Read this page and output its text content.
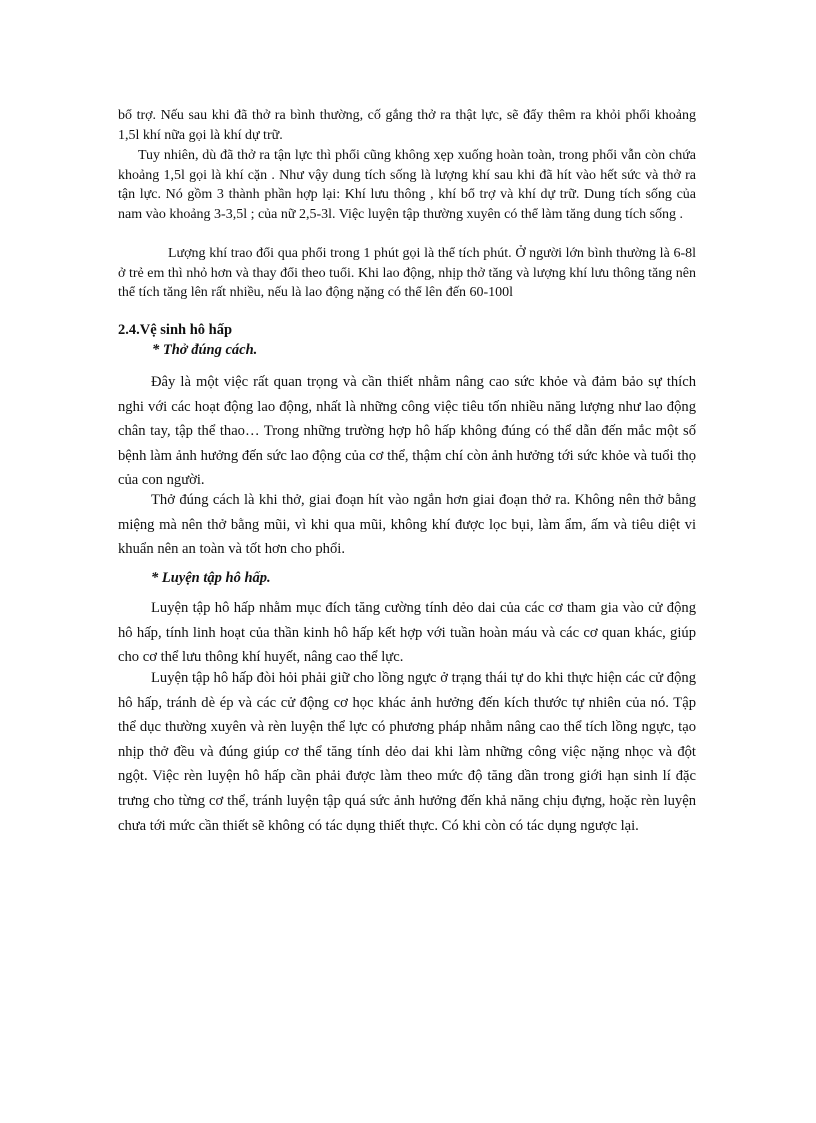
bổ trợ. Nếu sau khi đã thở ra bình thường, cố gắng thở ra thật lực, sẽ đẩy thêm ra khỏi phổi khoảng 1,5l khí nữa gọi là khí dự trữ.

Tuy nhiên, dù đã thở ra tận lực thì phổi cũng không xẹp xuống hoàn toàn, trong phổi vẫn còn chứa khoảng 1,5l gọi là khí cặn . Như vậy dung tích sống là lượng khí sau khi đã hít vào hết sức và thở ra tận lực. Nó gồm 3 thành phần hợp lại: Khí lưu thông , khí bổ trợ và khí dự trữ. Dung tích sống của nam vào khoảng 3-3,5l ; của nữ 2,5-3l. Việc luyện tập thường xuyên có thể làm tăng dung tích sống .

Lượng khí trao đổi qua phổi trong 1 phút gọi là thể tích phút. Ở người lớn bình thường là 6-8l ở trẻ em thì nhỏ hơn và thay đổi theo tuổi. Khi lao động, nhịp thở tăng và lượng khí lưu thông tăng nên thể tích tăng lên rất nhiều, nếu là lao động nặng có thể lên đến 60-100l

2.4.Vệ sinh hô hấp
* Thở đúng cách.

Đây là một việc rất quan trọng và cần thiết nhằm nâng cao sức khỏe và đảm bảo sự thích nghi với các hoạt động lao động, nhất là những công việc tiêu tốn nhiều năng lượng như lao động chân tay, tập thể thao… Trong những trường hợp hô hấp không đúng có thể dẫn đến mắc một số bệnh làm ảnh hưởng đến sức lao động của cơ thể, thậm chí còn ảnh hưởng tới sức khỏe và tuổi thọ của con người.

Thở đúng cách là khi thở, giai đoạn hít vào ngắn hơn giai đoạn thở ra. Không nên thở bằng miệng mà nên thở bằng mũi, vì khi qua mũi, không khí được lọc bụi, làm ẩm, ấm và tiêu diệt vi khuẩn nên an toàn và tốt hơn cho phổi.

* Luyện tập hô hấp.

Luyện tập hô hấp nhằm mục đích tăng cường tính dẻo dai của các cơ tham gia vào cử động hô hấp, tính linh hoạt của thần kinh hô hấp kết hợp với tuần hoàn máu và các cơ quan khác, giúp cho cơ thể lưu thông khí huyết, nâng cao thể lực.

Luyện tập hô hấp đòi hỏi phải giữ cho lồng ngực ở trạng thái tự do khi thực hiện các cử động hô hấp, tránh dè ép và các cử động cơ học khác ảnh hưởng đến kích thước tự nhiên của nó. Tập thể dục thường xuyên và rèn luyện thể lực có phương pháp nhằm nâng cao thể tích lồng ngực, tạo nhịp thở đều và đúng giúp cơ thể tăng tính dẻo dai khi làm những công việc nặng nhọc và đột ngột. Việc rèn luyện hô hấp cần phải được làm theo mức độ tăng dần trong giới hạn sinh lí đặc trưng cho từng cơ thể, tránh luyện tập quá sức ảnh hưởng đến khả năng chịu đựng, hoặc rèn luyện chưa tới mức cần thiết sẽ không có tác dụng thiết thực. Có khi còn có tác dụng ngược lại.
